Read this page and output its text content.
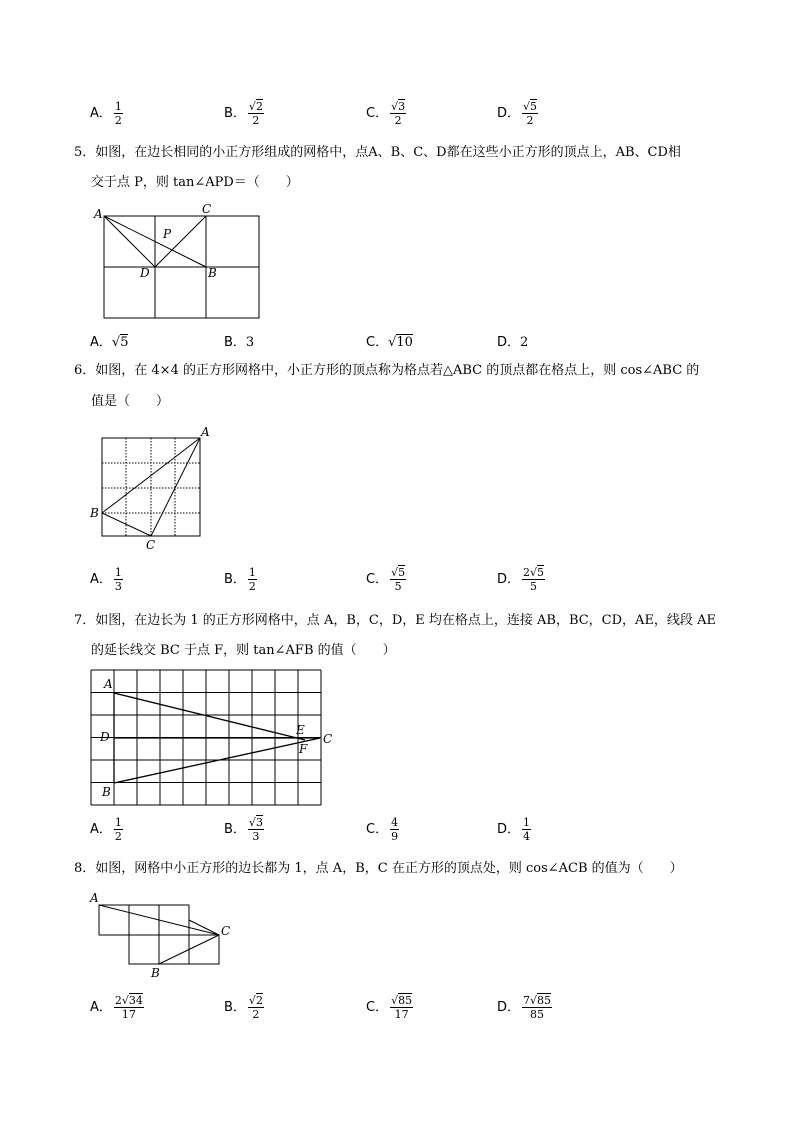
A． $\frac{1}{2}$	B． $\frac{√2}{2}$	C． $\frac{√3}{2}$	D． $\frac{√5}{2}$
5．如图，在边长相同的小正方形组成的网格中，点A、B、C、D都在这些小正方形的顶点上，AB、CD相
交于点 P，则 tan∠APD＝（　　）
A	C
P
D	B
A．√5	B．3	C．√10	D．2
6．如图，在 4×4 的正方形网格中，小正方形的顶点称为格点若△ABC 的顶点都在格点上，则 cos∠ABC 的
值是（　　）
A
B
C
A． $\frac{1}{3}$	B． $\frac{1}{2}$	C． $\frac{√5}{5}$	D． $\frac{2√5}{5}$
7．如图，在边长为 1 的正方形网格中，点 A，B，C，D，E 均在格点上，连接 AB，BC，CD，AE，线段 AE
的延长线交 BC 于点 F，则 tan∠AFB 的值（　　）
A
D
B
E
F
C
A． $\frac{1}{2}$	B． $\frac{√3}{3}$	C． $\frac{4}{9}$	D． $\frac{1}{4}$
8．如图，网格中小正方形的边长都为 1，点 A，B，C 在正方形的顶点处，则 cos∠ACB 的值为（　　）
A
C
B
A． $\frac{2√34}{17}$	B． $\frac{√2}{2}$	C． $\frac{√85}{17}$	D． $\frac{7√85}{85}$
